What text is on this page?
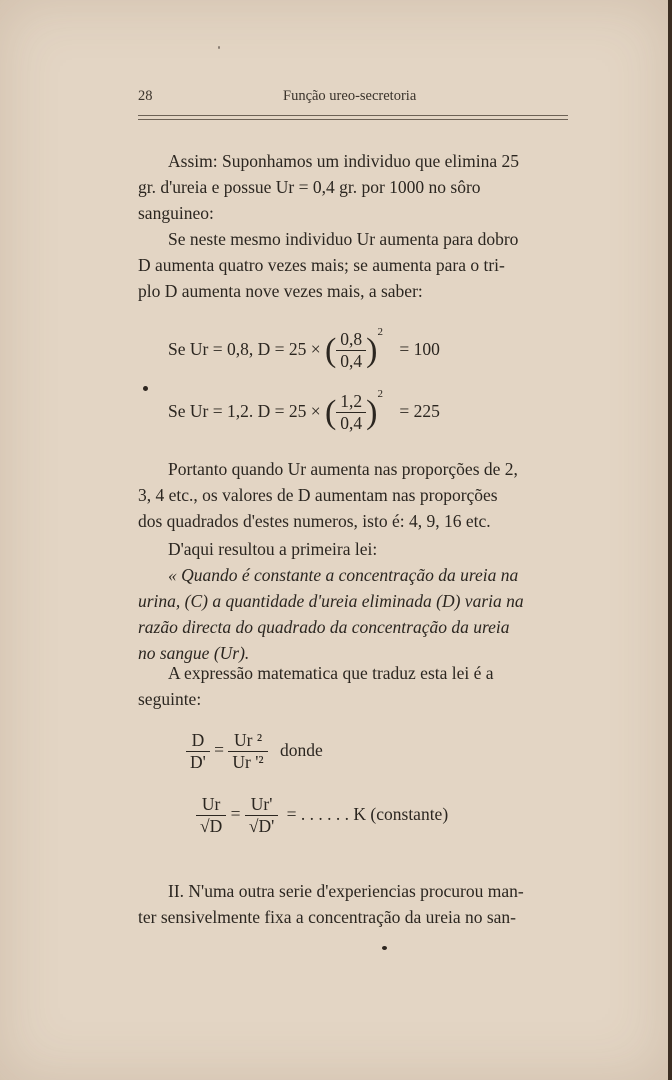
28	Função ureo-secretoria
Assim: Suponhamos um individuo que elimina 25
gr. d'ureia e possue Ur = 0,4 gr. por 1000 no sôro
sanguineo:
Se neste mesmo individuo Ur aumenta para dobro
D aumenta quatro vezes mais; se aumenta para o tri-
plo D aumenta nove vezes mais, a saber:
Se Ur = 0,8, D = 25 × ( $\frac{0,8}{0,4} )^2 = 100$
Se Ur = 1,2. D = 25 × ( $\frac{1,2}{0,4} )^2 = 225$
Portanto quando Ur aumenta nas proporções de 2,
3, 4 etc., os valores de D aumentam nas proporções
dos quadrados d'estes numeros, isto é: 4, 9, 16 etc.
D'aqui resultou a primeira lei:
« Quando é constante a concentração da ureia na
urina, (C) a quantidade d'ureia eliminada (D) varia na
razão directa do quadrado da concentração da ureia
no sangue (Ur).
A expressão matematica que traduz esta lei é a
seguinte:
$\frac{D}{D'} = \frac{\text{Ur ²}}{\text{Ur '²}}$ donde
$\frac{Ur}{√D} = \frac{Ur'}{√D'}$ = . . . . . . K (constante)
II. N'uma outra serie d'experiencias procurou man-
ter sensivelmente fixa a concentração da ureia no san-
